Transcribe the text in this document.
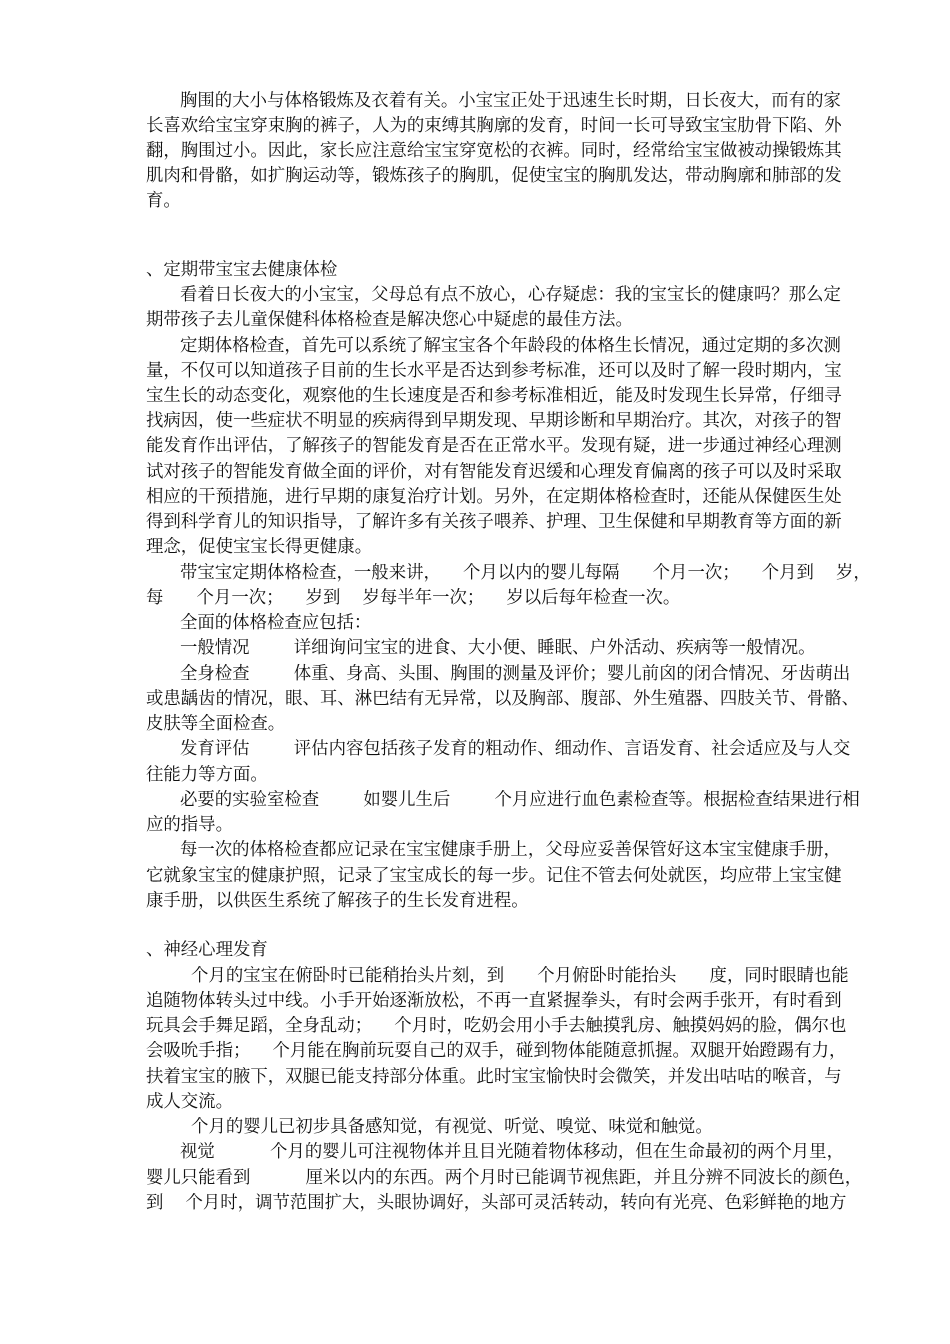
胸围的大小与体格锻炼及衣着有关。小宝宝正处于迅速生长时期，日长夜大，而有的家
长喜欢给宝宝穿束胸的裤子，人为的束缚其胸廓的发育，时间一长可导致宝宝肋骨下陷、外
翻，胸围过小。因此，家长应注意给宝宝穿宽松的衣裤。同时，经常给宝宝做被动操锻炼其
肌肉和骨骼，如扩胸运动等，锻炼孩子的胸肌，促使宝宝的胸肌发达，带动胸廓和肺部的发
育。
、定期带宝宝去健康体检
看着日长夜大的小宝宝，父母总有点不放心，心存疑虑：我的宝宝长的健康吗？那么定
期带孩子去儿童保健科体格检查是解决您心中疑虑的最佳方法。
定期体格检查，首先可以系统了解宝宝各个年龄段的体格生长情况，通过定期的多次测
量，不仅可以知道孩子目前的生长水平是否达到参考标准，还可以及时了解一段时期内，宝
宝生长的动态变化，观察他的生长速度是否和参考标准相近，能及时发现生长异常，仔细寻
找病因，使一些症状不明显的疾病得到早期发现、早期诊断和早期治疗。其次，对孩子的智
能发育作出评估，了解孩子的智能发育是否在正常水平。发现有疑，进一步通过神经心理测
试对孩子的智能发育做全面的评价，对有智能发育迟缓和心理发育偏离的孩子可以及时采取
相应的干预措施，进行早期的康复治疗计划。另外，在定期体格检查时，还能从保健医生处
得到科学育儿的知识指导，了解许多有关孩子喂养、护理、卫生保健和早期教育等方面的新
理念，促使宝宝长得更健康。
带宝宝定期体格检查，一般来讲，    个月以内的婴儿每隔      个月一次；    个月到    岁，
每      个月一次；    岁到    岁每半年一次；    岁以后每年检查一次。
全面的体格检查应包括：
一般情况        详细询问宝宝的进食、大小便、睡眠、户外活动、疾病等一般情况。
全身检查        体重、身高、头围、胸围的测量及评价；婴儿前囟的闭合情况、牙齿萌出
或患龋齿的情况，眼、耳、淋巴结有无异常，以及胸部、腹部、外生殖器、四肢关节、骨骼、
皮肤等全面检查。
发育评估        评估内容包括孩子发育的粗动作、细动作、言语发育、社会适应及与人交
往能力等方面。
必要的实验室检查        如婴儿生后        个月应进行血色素检查等。根据检查结果进行相
应的指导。
每一次的体格检查都应记录在宝宝健康手册上，父母应妥善保管好这本宝宝健康手册，
它就象宝宝的健康护照，记录了宝宝成长的每一步。记住不管去何处就医，均应带上宝宝健
康手册，以供医生系统了解孩子的生长发育进程。
、神经心理发育
个月的宝宝在俯卧时已能稍抬头片刻，到      个月俯卧时能抬头      度，同时眼睛也能
追随物体转头过中线。小手开始逐渐放松，不再一直紧握拳头，有时会两手张开，有时看到
玩具会手舞足蹈，全身乱动；    个月时，吃奶会用小手去触摸乳房、触摸妈妈的脸，偶尔也
会吸吮手指；    个月能在胸前玩耍自己的双手，碰到物体能随意抓握。双腿开始蹬踢有力，
扶着宝宝的腋下，双腿已能支持部分体重。此时宝宝愉快时会微笑，并发出咕咕的喉音，与
成人交流。
个月的婴儿已初步具备感知觉，有视觉、听觉、嗅觉、味觉和触觉。
视觉          个月的婴儿可注视物体并且目光随着物体移动，但在生命最初的两个月里，
婴儿只能看到          厘米以内的东西。两个月时已能调节视焦距，并且分辨不同波长的颜色，
到    个月时，调节范围扩大，头眼协调好，头部可灵活转动，转向有光亮、色彩鲜艳的地方
